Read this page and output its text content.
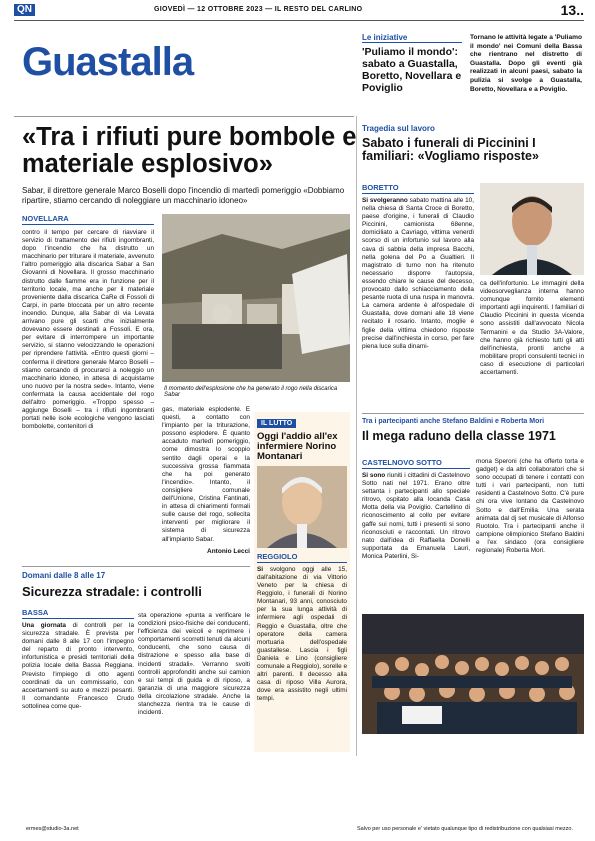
QN	GIOVEDÌ — 12 OTTOBRE 2023 — IL RESTO DEL CARLINO	13..
Guastalla
Le iniziative
'Puliamo il mondo': sabato a Guastalla, Boretto, Novellara e Poviglio
Tornano le attività legate a 'Puliamo il mondo' nei Comuni della Bassa che rientrano nel distretto di Guastalla. Dopo gli eventi già realizzati in alcuni paesi, sabato la pulizia si svolge a Guastalla, Boretto, Novellara e a Poviglio.
«Tra i rifiuti pure bombole e materiale esplosivo»
Sabar, il direttore generale Marco Boselli dopo l'incendio di martedì pomeriggio «Dobbiamo ripartire, stiamo cercando di noleggiare un macchinario idoneo»
NOVELLARA
contro il tempo per cercare di riavviare il servizio di trattamento dei rifiuti ingombranti, dopo l'incendio che ha distrutto un macchinario per triturare il materiale, avvenuto l'altro pomeriggio alla discarica Sabar a San Giovanni di Novellara. Il grosso macchinario distrutto dalle fiamme era in funzione per il territorio locale, ma anche per il materiale proveniente dalla discarica CaRe di Fossoli di Carpi, in parte bloccata per un altro recente incendio. Dunque, alla Sabar di via Levata arrivano pure gli scarti che inizialmente dovevano essere destinati a Fossoli. E ora, per evitare di interrompere un importante servizio, si stanno velocizzando le operazioni per riprendere l'attività. «Entro questi giorni – conferma il direttore generale Marco Boselli – stiamo cercando di procurarci a noleggio un macchinario idoneo, in attesa di acquistarne uno nuovo per la nostra sede». Intanto, viene confermata la causa accidentale del rogo dell'altro pomeriggio. «Troppo spesso – aggiunge Boselli – tra i rifiuti ingombranti portati nelle isole ecologiche vengono lasciati bombolette, contenitori di
Il momento dell'esplosione che ha generato il rogo nella discarica Sabar
gas, materiale esplodente. E questi, a contatto con l'impianto per la triturazione, possono esplodere. È quanto accaduto martedì pomeriggio, come dimostra lo scoppio sentito dagli operai e la successiva grossa fiammata che ha poi generato l'incendio». Intanto, il consigliere comunale dell'Unione, Cristina Fantinati, in attesa di chiarimenti formali sulle cause del rogo, sollecita interventi per migliorare il sistema di sicurezza all'impianto Sabar.
Antonio Lecci
IL LUTTO
Oggi l'addio all'ex infermiere Norino Montanari
REGGIOLO
Si svolgono oggi alle 15, dall'abitazione di via Vittorio Veneto per la chiesa di Reggiolo, i funerali di Norino Montanari, 93 anni, conosciuto per la sua lunga attività di infermiere agli ospedali di Reggio e Guastalla, oltre che operatore della camera mortuaria dell'ospedale guastallese. Lascia i figli Daniela e Lino (consigliere comunale a Reggiolo), sorelle e altri parenti. Il decesso alla casa di riposo Villa Aurora, dove era assistito negli ultimi tempi.
Domani dalle 8 alle 17
Sicurezza stradale: i controlli
BASSA
Una giornata di controlli per la sicurezza stradale. È prevista per domani dalle 8 alle 17 con l'impegno del reparto di pronto intervento, infortunistica e presidi territoriali della polizia locale della Bassa Reggiana. Previsto l'impiego di otto agenti coordinati da un commissario, con accertamenti su auto e mezzi pesanti. Il comandante Francesco Crudo sottolinea come que-
sta operazione «punta a verificare le condizioni psico-fisiche dei conducenti, l'efficienza dei veicoli e reprimere i comportamenti scorretti tenuti da alcuni conducenti, che sono causa di distrazione e spesso alla base di incidenti stradali». Verranno svolti controlli approfonditi anche sui camion e sui tempi di guida e di riposo, a garanzia di una maggiore sicurezza della circolazione stradale. Anche la stanchezza rientra tra le cause di incidenti.
Tragedia sul lavoro
Sabato i funerali di Piccinini I familiari: «Vogliamo risposte»
BORETTO
Si svolgeranno sabato mattina alle 10, nella chiesa di Santa Croce di Boretto, paese d'origine, i funerali di Claudio Piccinini, camionista 68enne, domiciliato a Cavriago, vittima venerdì scorso di un infortunio sul lavoro alla cava di sabbia della impresa Bacchi, nella golena del Po a Gualtieri. Il magistrato di turno non ha ritenuto necessario disporre l'autopsia, essendo chiare le cause del decesso, provocato dallo schiacciamento della pesante ruota di una ruspa in manovra. La camera ardente è all'ospedale di Guastalla, dove domani alle 18 viene recitato il rosario. Intanto, moglie e figlie della vittima chiedono risposte precise dall'inchiesta in corso, per fare piena luce sulla dinami-
ca dell'infortunio. Le immagini della videosorveglianza interna hanno comunque fornito elementi importanti agli inquirenti. I familiari di Claudio Piccinini in questa vicenda sono assistiti dall'avvocato Nicola Termanini e da Studio 3A-Valore, che hanno già richiesto tutti gli atti dell'inchiesta, pronti anche a mobilitare propri consulenti tecnici in caso di esecuzione di particolari accertamenti.
Tra i partecipanti anche Stefano Baldini e Roberta Mori
Il mega raduno della classe 1971
CASTELNOVO SOTTO
Si sono riuniti i cittadini di Castelnovo Sotto nati nel 1971. Erano oltre settanta i partecipanti allo speciale ritrovo, ospitato alla locanda Casa Motta della via Poviglio. Cartellino di riconoscimento al collo per evitare gaffe sui nomi, tutti i presenti si sono riconosciuti e raccontati. Un ritrovo nato dall'idea di Raffaella Donelli supportata da Emanuela Lauri, Monica Paterlini, Si-
mona Speroni (che ha offerto torta e gadget) e da altri collaboratori che si sono occupati di tenere i contatti con tutti i vari partecipanti, non tutti residenti a Castelnovo Sotto. C'è pure chi ora vive lontano da Castelnovo Sotto e dall'Emilia. Una serata animata dal dj set musicale di Alfonso Ruotolo. Tra i partecipanti anche il campione olimpionico Stefano Baldini e l'ex sindaco (ora consigliere regionale) Roberta Mori.
ermes@studio-3a.net	Salvo per uso personale e' vietato qualunque tipo di redistribuzione con qualsiasi mezzo.
